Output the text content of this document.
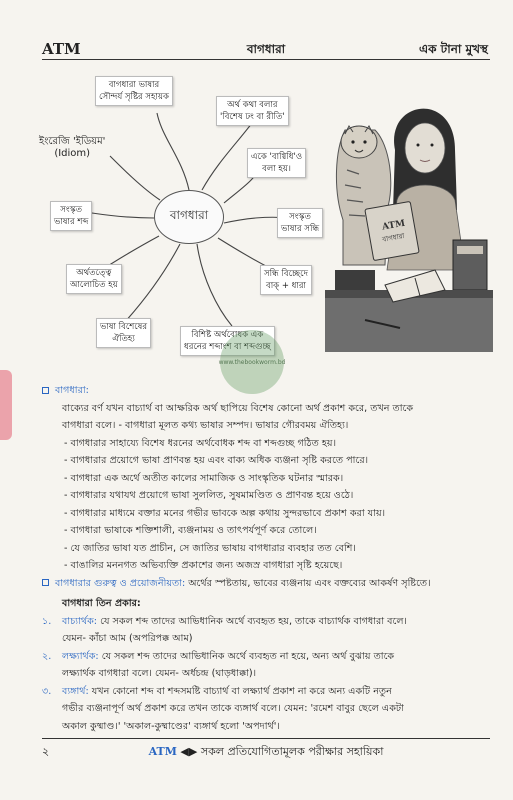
ATM	বাগধারা	এক টানা মুখস্থ
বাগধারা ভাষার
সৌন্দর্য সৃষ্টির সহায়ক
অর্থ কথা বলার
'বিশেষ ঢং বা রীতি'
একে 'বাগ্বিধি'ও
বলা হয়।
সংস্কৃত
ভাষার সন্ধি
সন্ধি বিচ্ছেদে
বাক্ + ধারা
বিশিষ্ট অর্থবোধক এক
ধরনের শব্দাংশ বা শব্দগুচ্ছ
ভাষা বিশেষের
ঐতিহ্য
অর্থতত্ত্বে
আলোচিত হয়
সংস্কৃত
ভাষার শব্দ
ইংরেজি 'ইডিয়ম'
(Idiom)
বাগধারা
ATM
বাগধারা
www.thebookworm.bd
বাগধারা:
বাক্যের বর্ণ যখন বাচ্যার্থ বা আক্ষরিক অর্থ ছাপিয়ে বিশেষ কোনো অর্থ প্রকাশ করে, তখন তাকে
বাগধারা বলে। - বাগধারা মূলত কথ্য ভাষার সম্পদ। ভাষার গৌরবময় ঐতিহ্য।
- বাগধারার সাহায্যে বিশেষ ধরনের অর্থবোধক শব্দ বা শব্দগুচ্ছ গঠিত হয়।
- বাগধারার প্রয়োগে ভাষা প্রাণবন্ত হয় এবং বাক্য অধিক ব্যঞ্জনা সৃষ্টি করতে পারে।
- বাগধারা এক অর্থে অতীত কালের সামাজিক ও সাংস্কৃতিক ঘটনার স্মারক।
- বাগধারার যথাযথ প্রয়োগে ভাষা সুললিত, সুষমামণ্ডিত ও প্রাণবন্ত হয়ে ওঠে।
- বাগধারার মাধ্যমে বক্তার মনের গভীর ভাবকে অল্প কথায় সুন্দরভাবে প্রকাশ করা যায়।
- বাগধারা ভাষাকে শক্তিশালী, ব্যঞ্জনাময় ও তাৎপর্যপূর্ণ করে তোলে।
- যে জাতির ভাষা যত প্রাচীন, সে জাতির ভাষায় বাগধারার ব্যবহার তত বেশি।
- বাঙালির মননগত অভিব্যক্তি প্রকাশের জন্য অজস্র বাগধারা সৃষ্টি হয়েছে।
বাগধারার গুরুত্ব ও প্রয়োজনীয়তা: অর্থের স্পষ্টতায়, ভাবের ব্যঞ্জনায় এবং বক্তব্যের আকর্ষণ সৃষ্টিতে।
বাগধারা তিন প্রকার:
১. বাচ্যার্থক: যে সকল শব্দ তাদের আভিধানিক অর্থে ব্যবহৃত হয়, তাকে বাচ্যার্থক বাগধারা বলে।
যেমন- কাঁচা আম (অপরিপক্ক আম)
২. লক্ষ্যার্থক: যে সকল শব্দ তাদের আভিধানিক অর্থে ব্যবহৃত না হয়ে, অন্য অর্থ বুঝায় তাকে
লক্ষ্যার্থক বাগধারা বলে। যেমন- অর্ধচন্দ্র (ঘাড়ধাক্কা)।
৩. ব্যঙ্গার্থ: যখন কোনো শব্দ বা শব্দসমষ্টি বাচ্যার্থ বা লক্ষ্যার্থ প্রকাশ না করে অন্য একটি নতুন
গভীর ব্যঞ্জনাপূর্ণ অর্থ প্রকাশ করে তখন তাকে ব্যঙ্গার্থ বলে। যেমন: 'রমেশ বাবুর ছেলে একটা
অকাল কুষ্মাণ্ড।' 'অকাল-কুষ্মাণ্ডের' ব্যঙ্গার্থ হলো 'অপদার্থ'।
২	ATM ◀▶ সকল প্রতিযোগিতামূলক পরীক্ষার সহায়িকা
